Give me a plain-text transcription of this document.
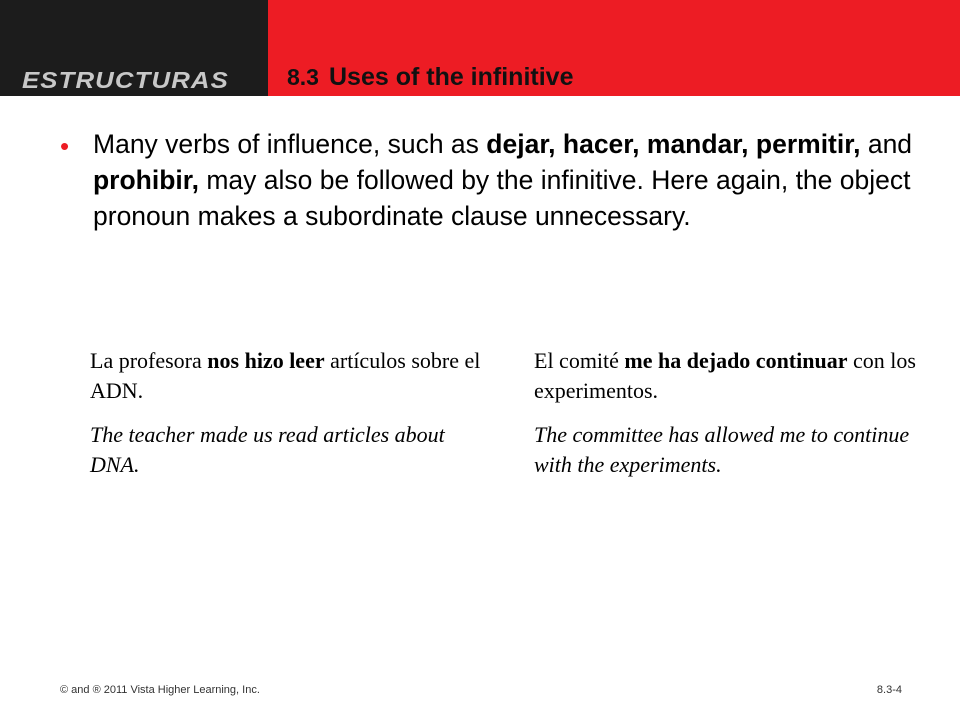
ESTRUCTURAS	8.3 Uses of the infinitive
• Many verbs of influence, such as dejar, hacer, mandar, permitir, and prohibir, may also be followed by the infinitive. Here again, the object pronoun makes a subordinate clause unnecessary.

La profesora nos hizo leer artículos sobre el ADN.

The teacher made us read articles about DNA.

El comité me ha dejado continuar con los experimentos.

The committee has allowed me to continue with the experiments.

© and ® 2011 Vista Higher Learning, Inc.	8.3-4
